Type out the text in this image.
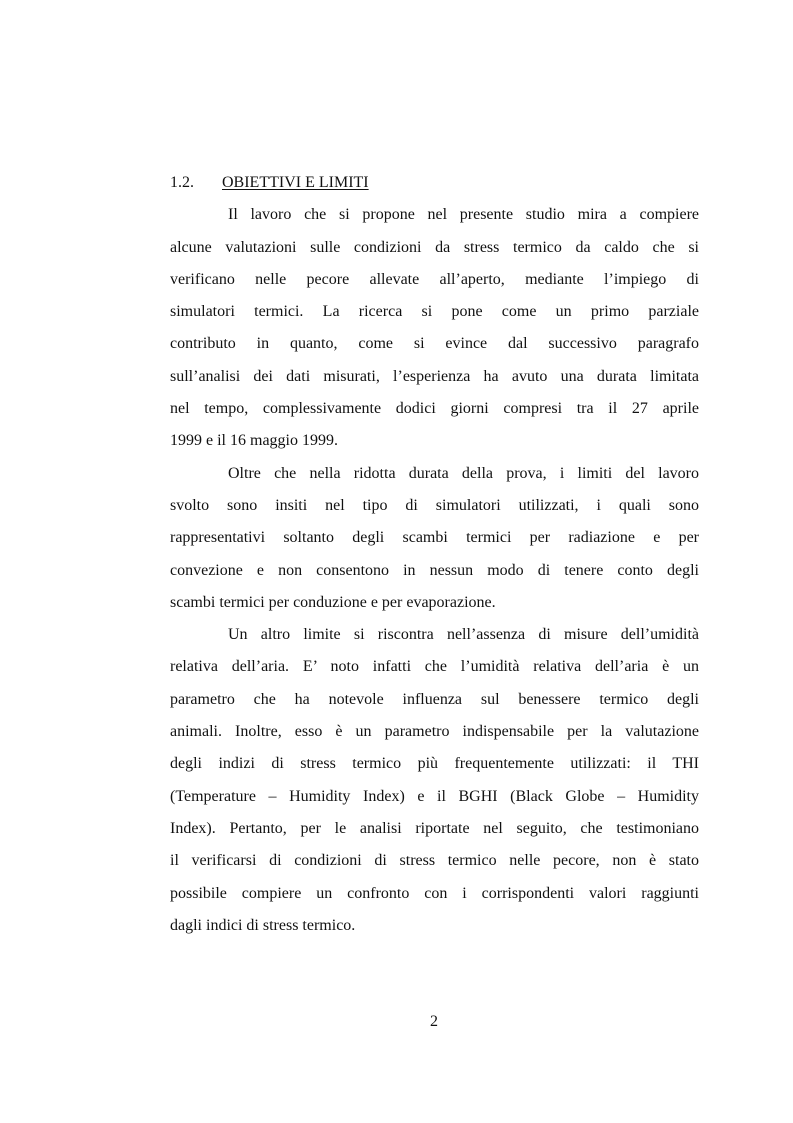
1.2. OBIETTIVI E LIMITI
Il lavoro che si propone nel presente studio mira a compiere
alcune valutazioni sulle condizioni da stress termico da caldo che si
verificano nelle pecore allevate all’aperto, mediante l’impiego di
simulatori termici. La ricerca si pone come un primo parziale
contributo in quanto, come si evince dal successivo paragrafo
sull’analisi dei dati misurati, l’esperienza ha avuto una durata limitata
nel tempo, complessivamente dodici giorni compresi tra il 27 aprile
1999 e il 16 maggio 1999.
Oltre che nella ridotta durata della prova, i limiti del lavoro
svolto sono insiti nel tipo di simulatori utilizzati, i quali sono
rappresentativi soltanto degli scambi termici per radiazione e per
convezione e non consentono in nessun modo di tenere conto degli
scambi termici per conduzione e per evaporazione.
Un altro limite si riscontra nell’assenza di misure dell’umidità
relativa dell’aria. E’ noto infatti che l’umidità relativa dell’aria è un
parametro che ha notevole influenza sul benessere termico degli
animali. Inoltre, esso è un parametro indispensabile per la valutazione
degli indizi di stress termico più frequentemente utilizzati: il THI
(Temperature – Humidity Index) e il BGHI (Black Globe – Humidity
Index). Pertanto, per le analisi riportate nel seguito, che testimoniano
il verificarsi di condizioni di stress termico nelle pecore, non è stato
possibile compiere un confronto con i corrispondenti valori raggiunti
dagli indici di stress termico.
2
